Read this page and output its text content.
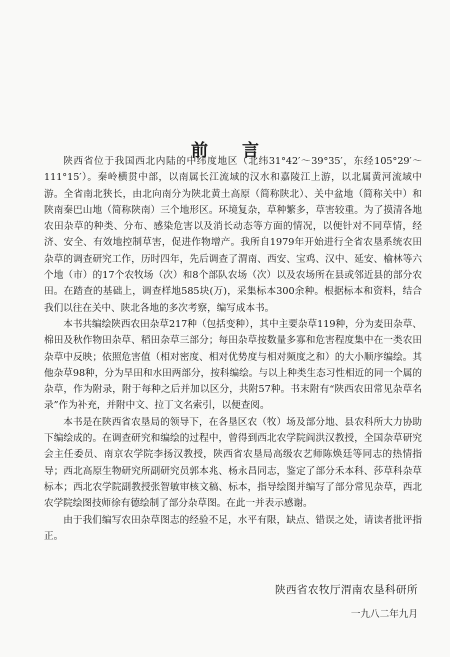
前 言

陕西省位于我国西北内陆的中纬度地区（北纬31°42′～39°35′，东经105°29′～111°15′）。秦岭横贯中部，以南属长江流域的汉水和嘉陵江上游，以北属黄河流域中游。全省南北狭长，由北向南分为陕北黄土高原（简称陕北）、关中盆地（简称关中）和陕南秦巴山地（简称陕南）三个地形区。环境复杂，草种繁多，草害较重。为了摸清各地农田杂草的种类、分布、感染危害以及消长动态等方面的情况，以便针对不同草情，经济、安全、有效地控制草害，促进作物增产。我所自1979年开始进行全省农垦系统农田杂草的调查研究工作，历时四年，先后调查了渭南、西安、宝鸡、汉中、延安、榆林等六个地（市）的17个农牧场（次）和8个部队农场（次）以及农场所在县或邻近县的部分农田。在踏查的基础上，调查样地585块(万)，采集标本300余种。根据标本和资料，结合我们以往在关中、陕北各地的多次考察，编写成本书。

本书共编绘陕西农田杂草217种（包括变种），其中主要杂草119种，分为麦田杂草、棉田及秋作物田杂草、稻田杂草三部分；每田杂草按数量多寡和危害程度集中在一类农田杂草中反映；依照危害值（相对密度、相对优势度与相对频度之和）的大小顺序编绘。其他杂草98种，分为旱田和水田两部分，按科编绘。与以上种类生态习性相近的同一个属的杂草，作为附录，附于每种之后并加以区分，共附57种。书末附有“陕西农田常见杂草名录”作为补充，并附中文、拉丁文名索引，以便查阅。

本书是在陕西省农垦局的领导下，在各垦区农（牧）场及部分地、县农科所大力协助下编绘成的。在调查研究和编绘的过程中，曾得到西北农学院阎洪汉教授，全国杂草研究会主任委员、南京农学院李扬汉教授，陕西省农垦局高级农艺师陈焕廷等同志的热情指导；西北高原生物研究所副研究员郭本兆、杨永昌同志，鉴定了部分禾本科、莎草科杂草标本；西北农学院副教授张智敏审核文稿、标本，指导绘图并编写了部分常见杂草，西北农学院绘图技师徐有德绘制了部分杂草图。在此一并表示感谢。

由于我们编写农田杂草图志的经验不足，水平有限，缺点、错误之处，请读者批评指正。

陕西省农牧厅渭南农垦科研所
一九八二年九月
